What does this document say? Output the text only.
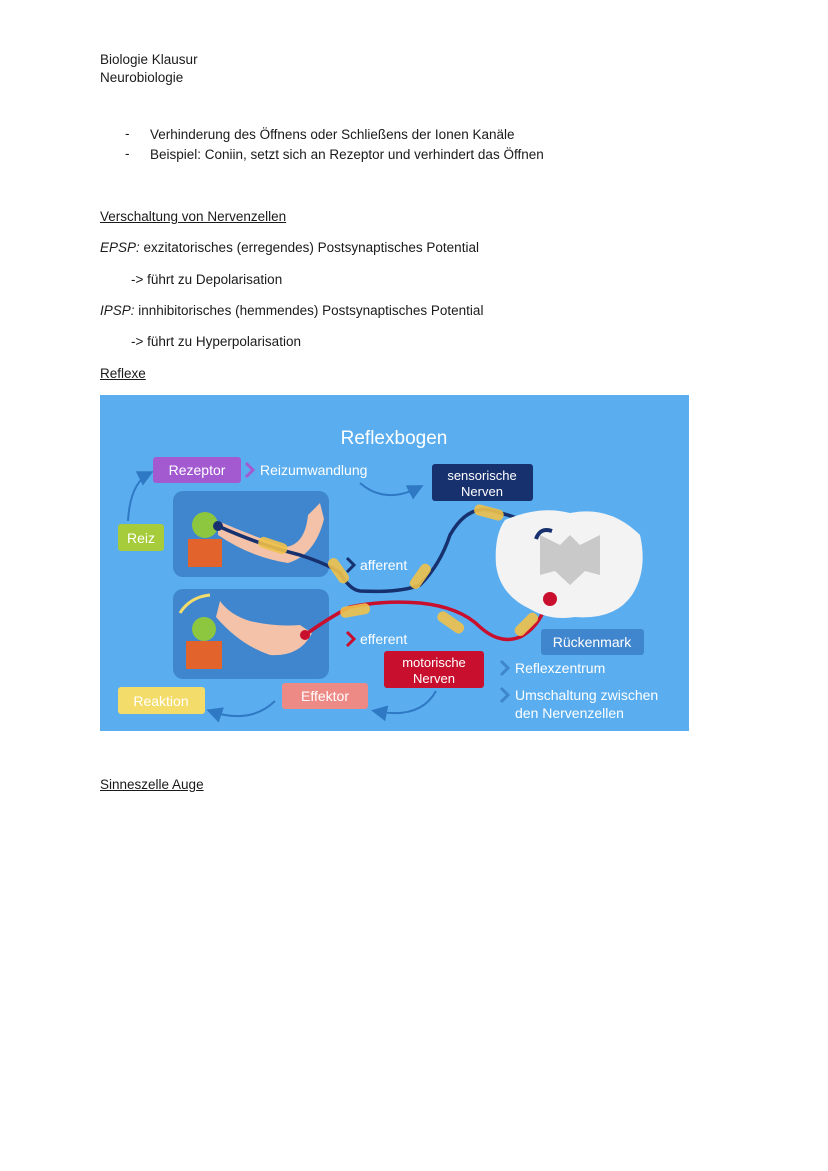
Biologie Klausur
Neurobiologie
- Verhinderung des Öffnens oder Schließens der Ionen Kanäle
- Beispiel: Coniin, setzt sich an Rezeptor und verhindert das Öffnen
Verschaltung von Nervenzellen
EPSP: exzitatorisches (erregendes) Postsynaptisches Potential
-> führt zu Depolarisation
IPSP: innhibitorisches (hemmendes) Postsynaptisches Potential
-> führt zu Hyperpolarisation
Reflexe
Reflexbogen
Rezeptor Reizumwandlung	sensorische
Nerven
Reiz
afferent
efferent	Rückenmark
motorische
Nerven
Reflexzentrum
Umschaltung zwischen
den Nervenzellen
Reaktion	Effektor
Sinneszelle Auge
